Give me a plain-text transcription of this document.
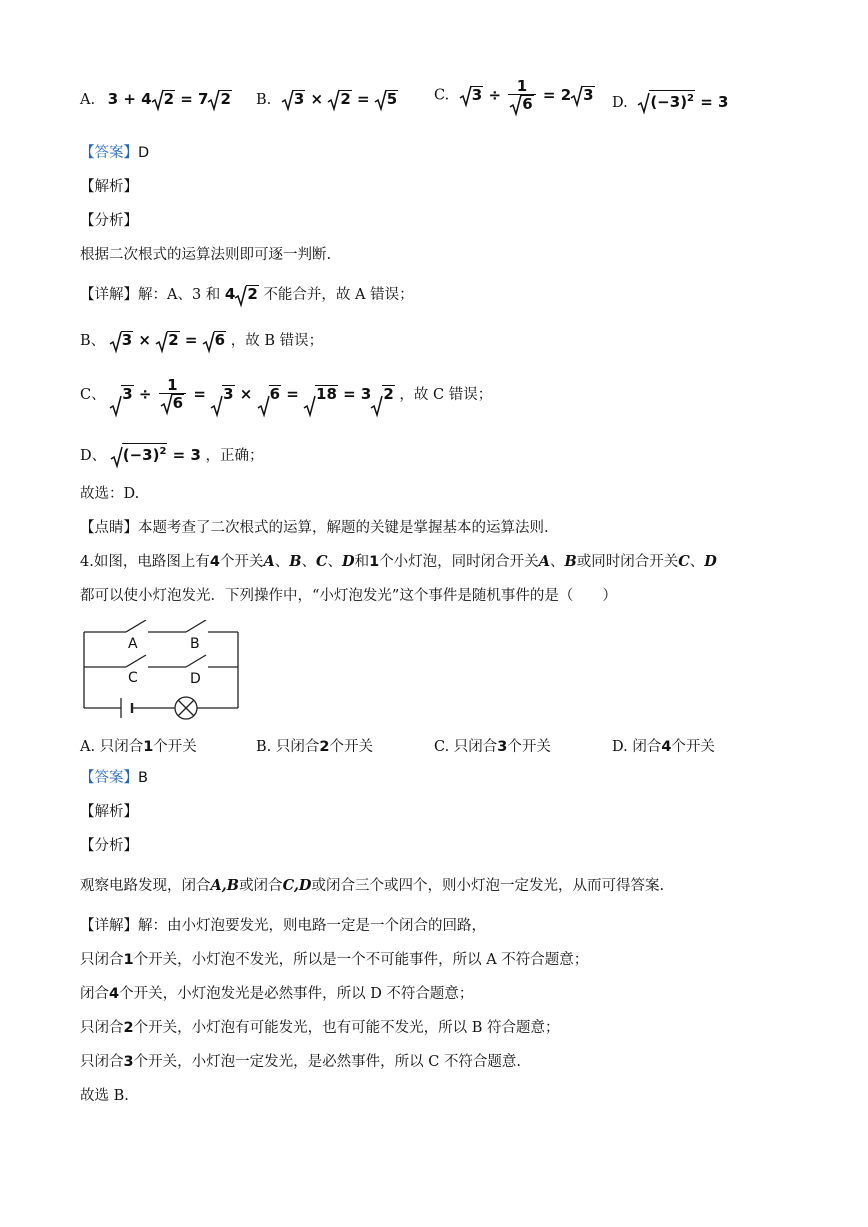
A. 3 + 4 2 = 7 2 B. 3 ×
2 =
5	C. $3 \div \frac{1}{6} = 2$ 3 D. $(-3)^2 = 3$
【答案】D
【解析】
【分析】
根据二次根式的运算法则即可逐一判断.
【详解】解：A、3 和 4 2 不能合并，故 A 错误；
B、 3 ×
2 =
6 ，故 B 错误；
C、 $3 \div \frac{1}{6}$ =
3 ×
6 =
18 = 3 2 ，故 C 错误；
D、 $(-3)^2 = 3$ ，正确；
故选：D.
【点睛】本题考查了二次根式的运算，解题的关键是掌握基本的运算法则.
4.如图，电路图上有4个开关A、B、C、D和1个小灯泡，同时闭合开关A、B或同时闭合开关C、D
都可以使小灯泡发光．下列操作中，“小灯泡发光”这个事件是随机事件的是（　　）
A	B
C	D
A. 只闭合1个开关	B. 只闭合2个开关	C. 只闭合3个开关	D. 闭合4个开关
【答案】B
【解析】
【分析】
观察电路发现，闭合A,B或闭合C,D或闭合三个或四个，则小灯泡一定发光，从而可得答案.
【详解】解：由小灯泡要发光，则电路一定是一个闭合的回路，
只闭合1个开关，小灯泡不发光，所以是一个不可能事件，所以 A 不符合题意；
闭合4个开关，小灯泡发光是必然事件，所以 D 不符合题意；
只闭合2个开关，小灯泡有可能发光，也有可能不发光，所以 B 符合题意；
只闭合3个开关，小灯泡一定发光，是必然事件，所以 C 不符合题意.
故选 B.
